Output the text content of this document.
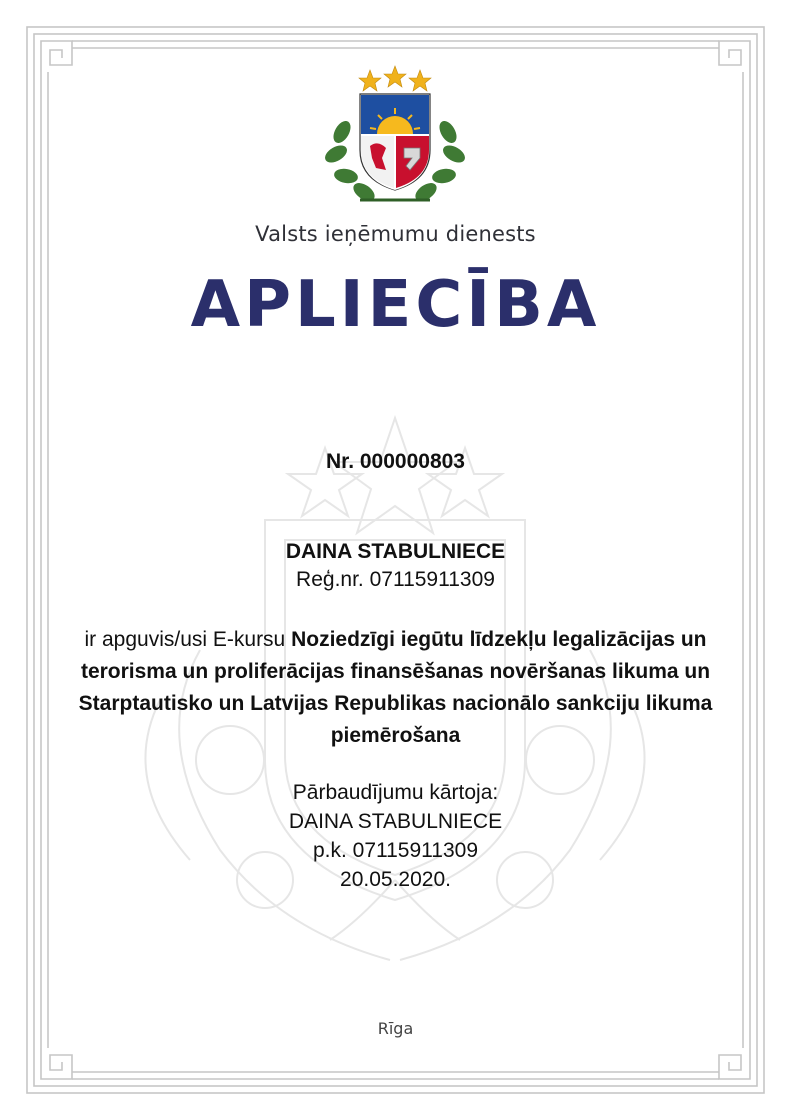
Valsts ieņēmumu dienests
APLIECĪBA
Nr. 000000803
DAINA STABULNIECE
Reģ.nr. 07115911309
ir apguvis/usi E-kursu Noziedzīgi iegūtu līdzekļu legalizācijas un terorisma un proliferācijas finansēšanas novēršanas likuma un Starptautisko un Latvijas Republikas nacionālo sankciju likuma piemērošana
Pārbaudījumu kārtoja:
DAINA STABULNIECE
p.k. 07115911309
20.05.2020.
Rīga
